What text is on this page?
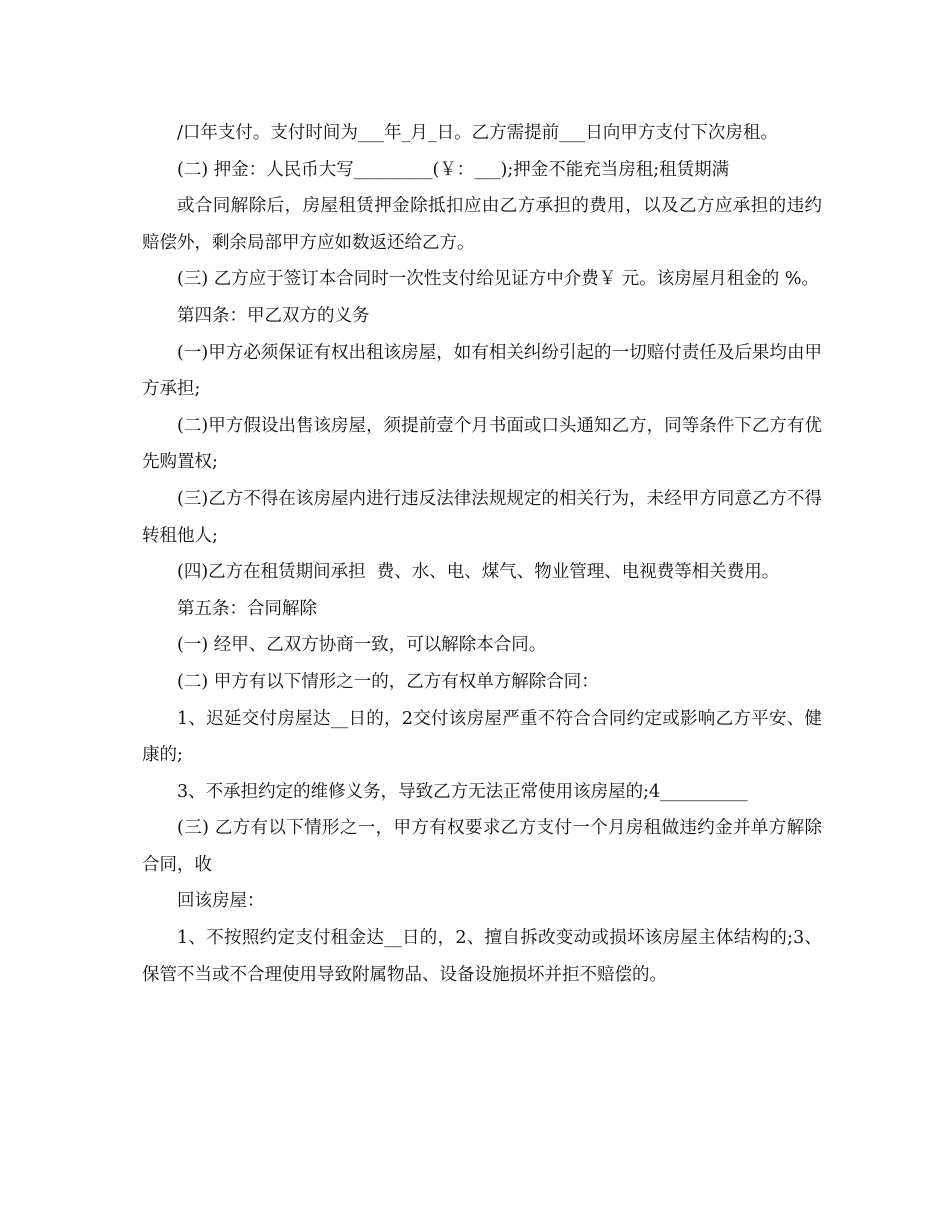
/口年支付。支付时间为___年_月_日。乙方需提前___日向甲方支付下次房租。

(二) 押金：人民币大写_________(￥：___);押金不能充当房租;租赁期满

或合同解除后，房屋租赁押金除抵扣应由乙方承担的费用，以及乙方应承担的违约赔偿外，剩余局部甲方应如数返还给乙方。

(三) 乙方应于签订本合同时一次性支付给见证方中介费￥ 元。该房屋月租金的 %。

第四条：甲乙双方的义务

(一)甲方必须保证有权出租该房屋，如有相关纠纷引起的一切赔付责任及后果均由甲方承担;

(二)甲方假设出售该房屋，须提前壹个月书面或口头通知乙方，同等条件下乙方有优先购置权;

(三)乙方不得在该房屋内进行违反法律法规规定的相关行为，未经甲方同意乙方不得转租他人;

(四)乙方在租赁期间承担  费、水、电、煤气、物业管理、电视费等相关费用。

第五条：合同解除

(一) 经甲、乙双方协商一致，可以解除本合同。

(二) 甲方有以下情形之一的，乙方有权单方解除合同：

1、迟延交付房屋达__日的，2交付该房屋严重不符合合同约定或影响乙方平安、健康的;

3、不承担约定的维修义务，导致乙方无法正常使用该房屋的;4__________

(三) 乙方有以下情形之一，甲方有权要求乙方支付一个月房租做违约金并单方解除合同，收

回该房屋：

1、不按照约定支付租金达__日的，2、擅自拆改变动或损坏该房屋主体结构的;3、保管不当或不合理使用导致附属物品、设备设施损坏并拒不赔偿的。
